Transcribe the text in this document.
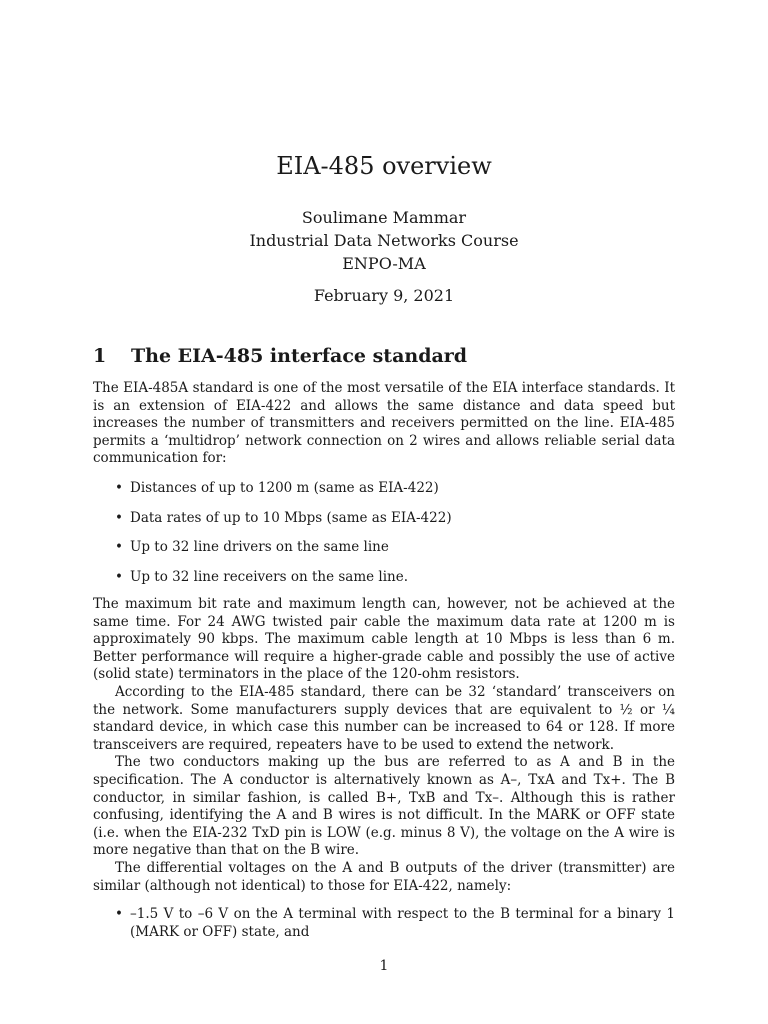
EIA-485 overview
Soulimane Mammar
Industrial Data Networks Course
ENPO-MA
February 9, 2021
1 The EIA-485 interface standard

The EIA-485A standard is one of the most versatile of the EIA interface standards. It is an extension of EIA-422 and allows the same distance and data speed but increases the number of transmitters and receivers permitted on the line. EIA-485 permits a ‘multidrop’ network connection on 2 wires and allows reliable serial data communication for:

• Distances of up to 1200 m (same as EIA-422)
• Data rates of up to 10 Mbps (same as EIA-422)
• Up to 32 line drivers on the same line
• Up to 32 line receivers on the same line.

The maximum bit rate and maximum length can, however, not be achieved at the same time. For 24 AWG twisted pair cable the maximum data rate at 1200 m is approximately 90 kbps. The maximum cable length at 10 Mbps is less than 6 m. Better performance will require a higher-grade cable and possibly the use of active (solid state) terminators in the place of the 120-ohm resistors.

According to the EIA-485 standard, there can be 32 ‘standard’ transceivers on the network. Some manufacturers supply devices that are equivalent to ½ or ¼ standard device, in which case this number can be increased to 64 or 128. If more transceivers are required, repeaters have to be used to extend the network.

The two conductors making up the bus are referred to as A and B in the specification. The A conductor is alternatively known as A–, TxA and Tx+. The B conductor, in similar fashion, is called B+, TxB and Tx–. Although this is rather confusing, identifying the A and B wires is not difficult. In the MARK or OFF state (i.e. when the EIA-232 TxD pin is LOW (e.g. minus 8 V), the voltage on the A wire is more negative than that on the B wire.

The differential voltages on the A and B outputs of the driver (transmitter) are similar (although not identical) to those for EIA-422, namely:

• –1.5 V to –6 V on the A terminal with respect to the B terminal for a binary 1 (MARK or OFF) state, and
1
